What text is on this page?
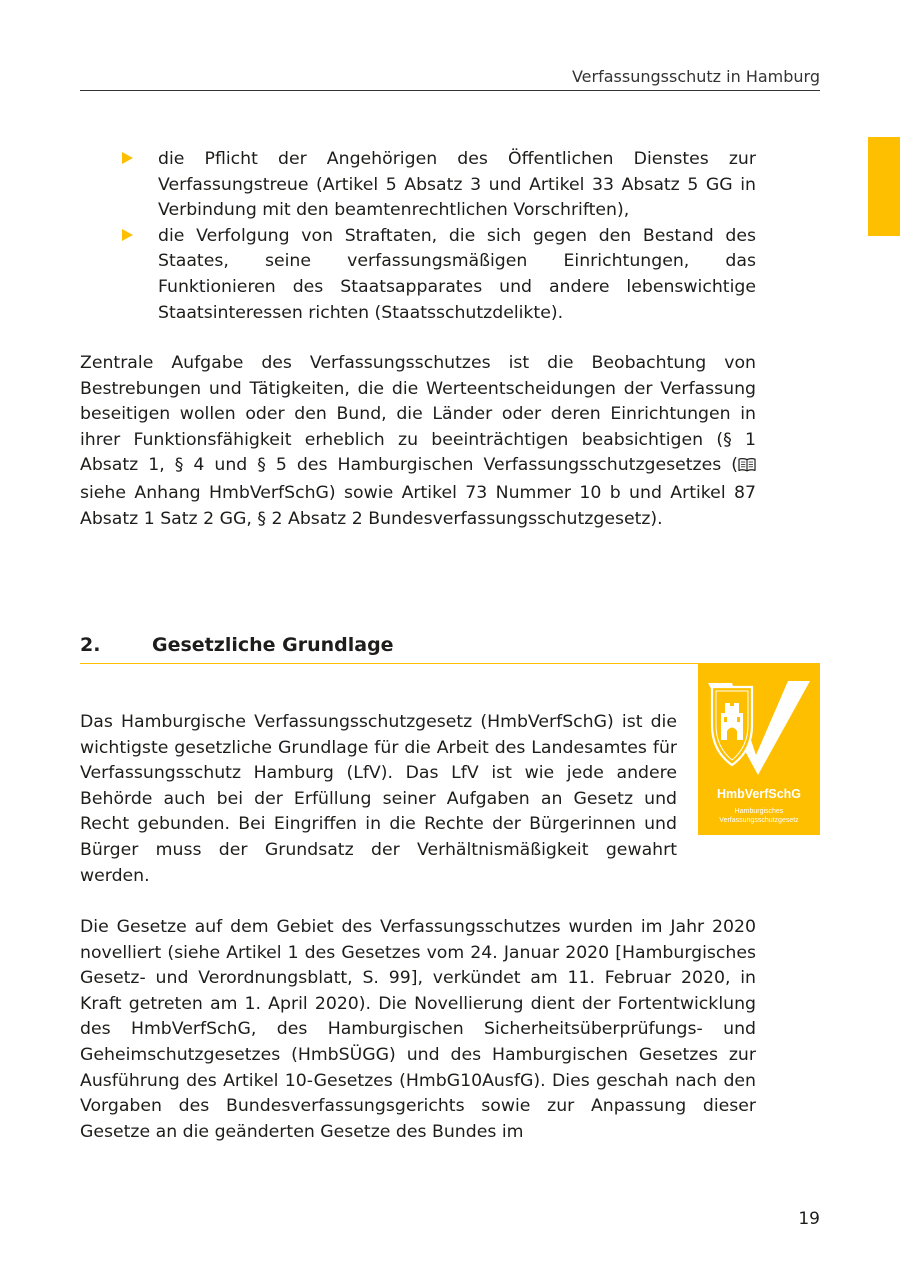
Verfassungsschutz in Hamburg
die Pflicht der Angehörigen des Öffentlichen Dienstes zur Verfassungstreue (Artikel 5 Absatz 3 und Artikel 33 Absatz 5 GG in Verbindung mit den beamtenrechtlichen Vorschriften),
die Verfolgung von Straftaten, die sich gegen den Bestand des Staates, seine verfassungsmäßigen Einrichtungen, das Funktionieren des Staatsapparates und andere lebenswichtige Staatsinteressen richten (Staatsschutzdelikte).

Zentrale Aufgabe des Verfassungsschutzes ist die Beobachtung von Bestrebungen und Tätigkeiten, die die Werteentscheidungen der Verfassung beseitigen wollen oder den Bund, die Länder oder deren Einrichtungen in ihrer Funktionsfähigkeit erheblich zu beeinträchtigen beabsichtigen (§ 1 Absatz 1, § 4 und § 5 des Hamburgischen Verfassungsschutzgesetzes ( siehe Anhang HmbVerfSchG) sowie Artikel 73 Nummer 10 b und Artikel 87 Absatz 1 Satz 2 GG, § 2 Absatz 2 Bundesverfassungsschutzgesetz).

2.	Gesetzliche Grundlage
HmbVerfSchG
Hamburgisches
Verfassungsschutzgesetz

Das Hamburgische Verfassungsschutzgesetz (HmbVerfSchG) ist die wichtigste gesetzliche Grundlage für die Arbeit des Landesamtes für Verfassungsschutz Hamburg (LfV). Das LfV ist wie jede andere Behörde auch bei der Erfüllung seiner Aufgaben an Gesetz und Recht gebunden. Bei Eingriffen in die Rechte der Bürgerinnen und Bürger muss der Grundsatz der Verhältnismäßigkeit gewahrt werden.

Die Gesetze auf dem Gebiet des Verfassungsschutzes wurden im Jahr 2020 novelliert (siehe Artikel 1 des Gesetzes vom 24. Januar 2020 [Hamburgisches Gesetz- und Verordnungsblatt, S. 99], verkündet am 11. Februar 2020, in Kraft getreten am 1. April 2020). Die Novellierung dient der Fortentwicklung des HmbVerfSchG, des Hamburgischen Sicherheitsüberprüfungs- und Geheimschutzgesetzes (HmbSÜGG) und des Hamburgischen Gesetzes zur Ausführung des Artikel 10-Gesetzes (HmbG10AusfG). Dies geschah nach den Vorgaben des Bundesverfassungsgerichts sowie zur Anpassung dieser Gesetze an die geänderten Gesetze des Bundes im

19
